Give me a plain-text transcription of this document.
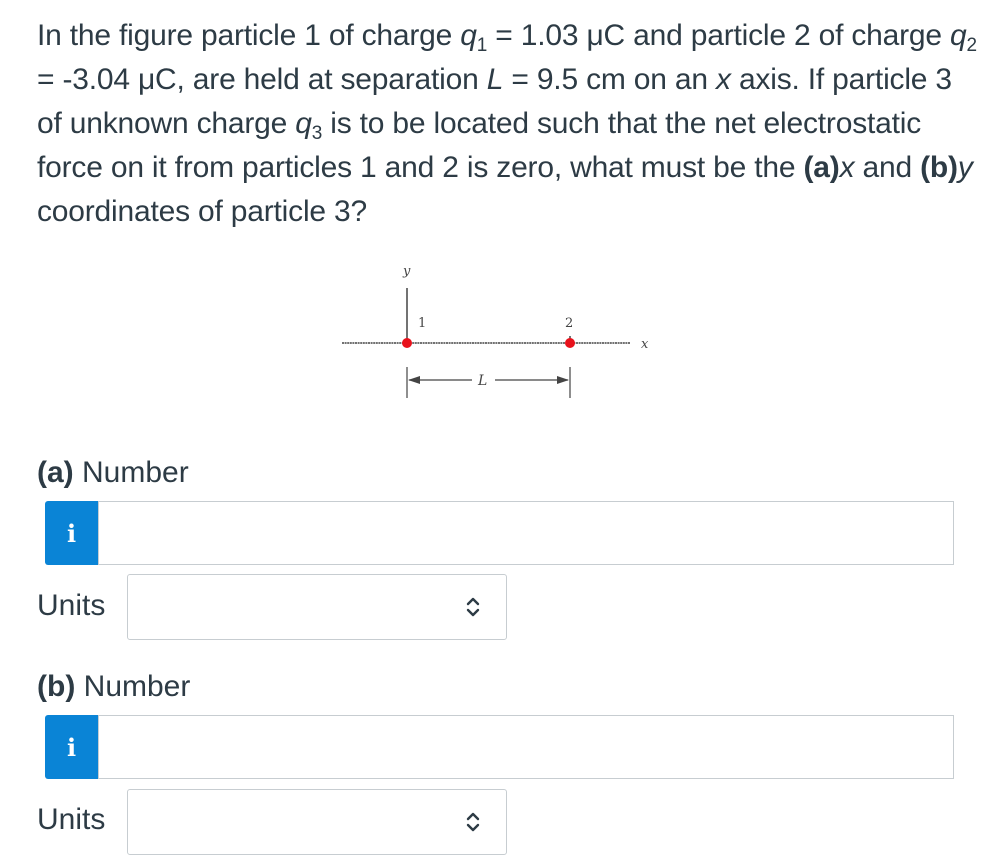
In the figure particle 1 of charge $q_1 = 1.03$ μC and particle 2 of charge $q_2 = -3.04$ μC, are held at separation L = 9.5 cm on an x axis. If particle 3 of unknown charge $q_3$ is to be located such that the net electrostatic force on it from particles 1 and 2 is zero, what must be the (a)x and (b)y coordinates of particle 3?
y
x
1	2
L
(a) Number
i
Units
(b) Number
i
Units
